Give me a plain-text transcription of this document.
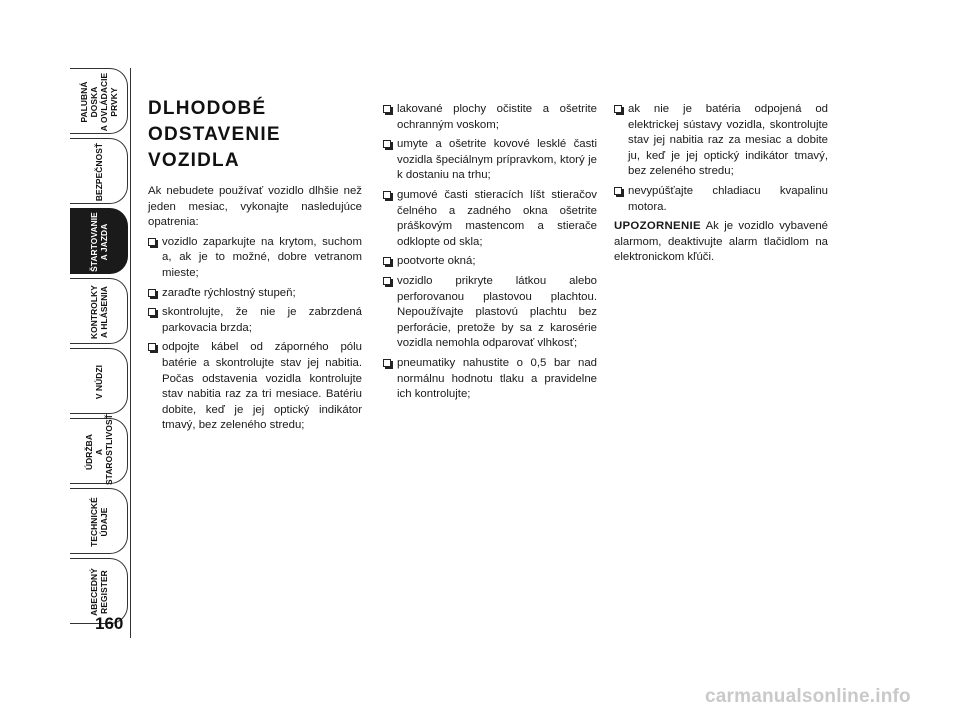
PALUBNÁ DOSKA
A OVLÁDACIE PRVKY
BEZPEČNOSŤ
ŠTARTOVANIE
A JAZDA
KONTROLKY
A HLÁSENIA
V NÚDZI
ÚDRŽBA
A STAROSTLIVOSŤ
TECHNICKÉ ÚDAJE
ABECEDNÝ
REGISTER
160
DLHODOBÉ ODSTAVENIE VOZIDLA

Ak nebudete používať vozidlo dlhšie než jeden mesiac, vykonajte nasledujúce opatrenia:

vozidlo zaparkujte na krytom, suchom a, ak je to možné, dobre vetranom mieste;
zaraďte rýchlostný stupeň;
skontrolujte, že nie je zabrzdená parkovacia brzda;
odpojte kábel od záporného pólu batérie a skontrolujte stav jej nabitia. Počas odstavenia vozidla kontrolujte stav nabitia raz za tri mesiace. Batériu dobite, keď je jej optický indikátor tmavý, bez zeleného stredu;
lakované plochy očistite a ošetrite ochranným voskom;
umyte a ošetrite kovové lesklé časti vozidla špeciálnym prípravkom, ktorý je k dostaniu na trhu;
gumové časti stieracích líšt stieračov čelného a zadného okna ošetrite práškovým mastencom a stierače odklopte od skla;
pootvorte okná;
vozidlo prikryte látkou alebo perforovanou plastovou plachtou. Nepoužívajte plastovú plachtu bez perforácie, pretože by sa z karosérie vozidla nemohla odparovať vlhkosť;
pneumatiky nahustite o 0,5 bar nad normálnu hodnotu tlaku a pravidelne ich kontrolujte;
ak nie je batéria odpojená od elektrickej sústavy vozidla, skontrolujte stav jej nabitia raz za mesiac a dobite ju, keď je jej optický indikátor tmavý, bez zeleného stredu;
nevypúšťajte chladiacu kvapalinu motora.

UPOZORNENIE Ak je vozidlo vybavené alarmom, deaktivujte alarm tlačidlom na elektronickom kľúči.

carmanualsonline.info
